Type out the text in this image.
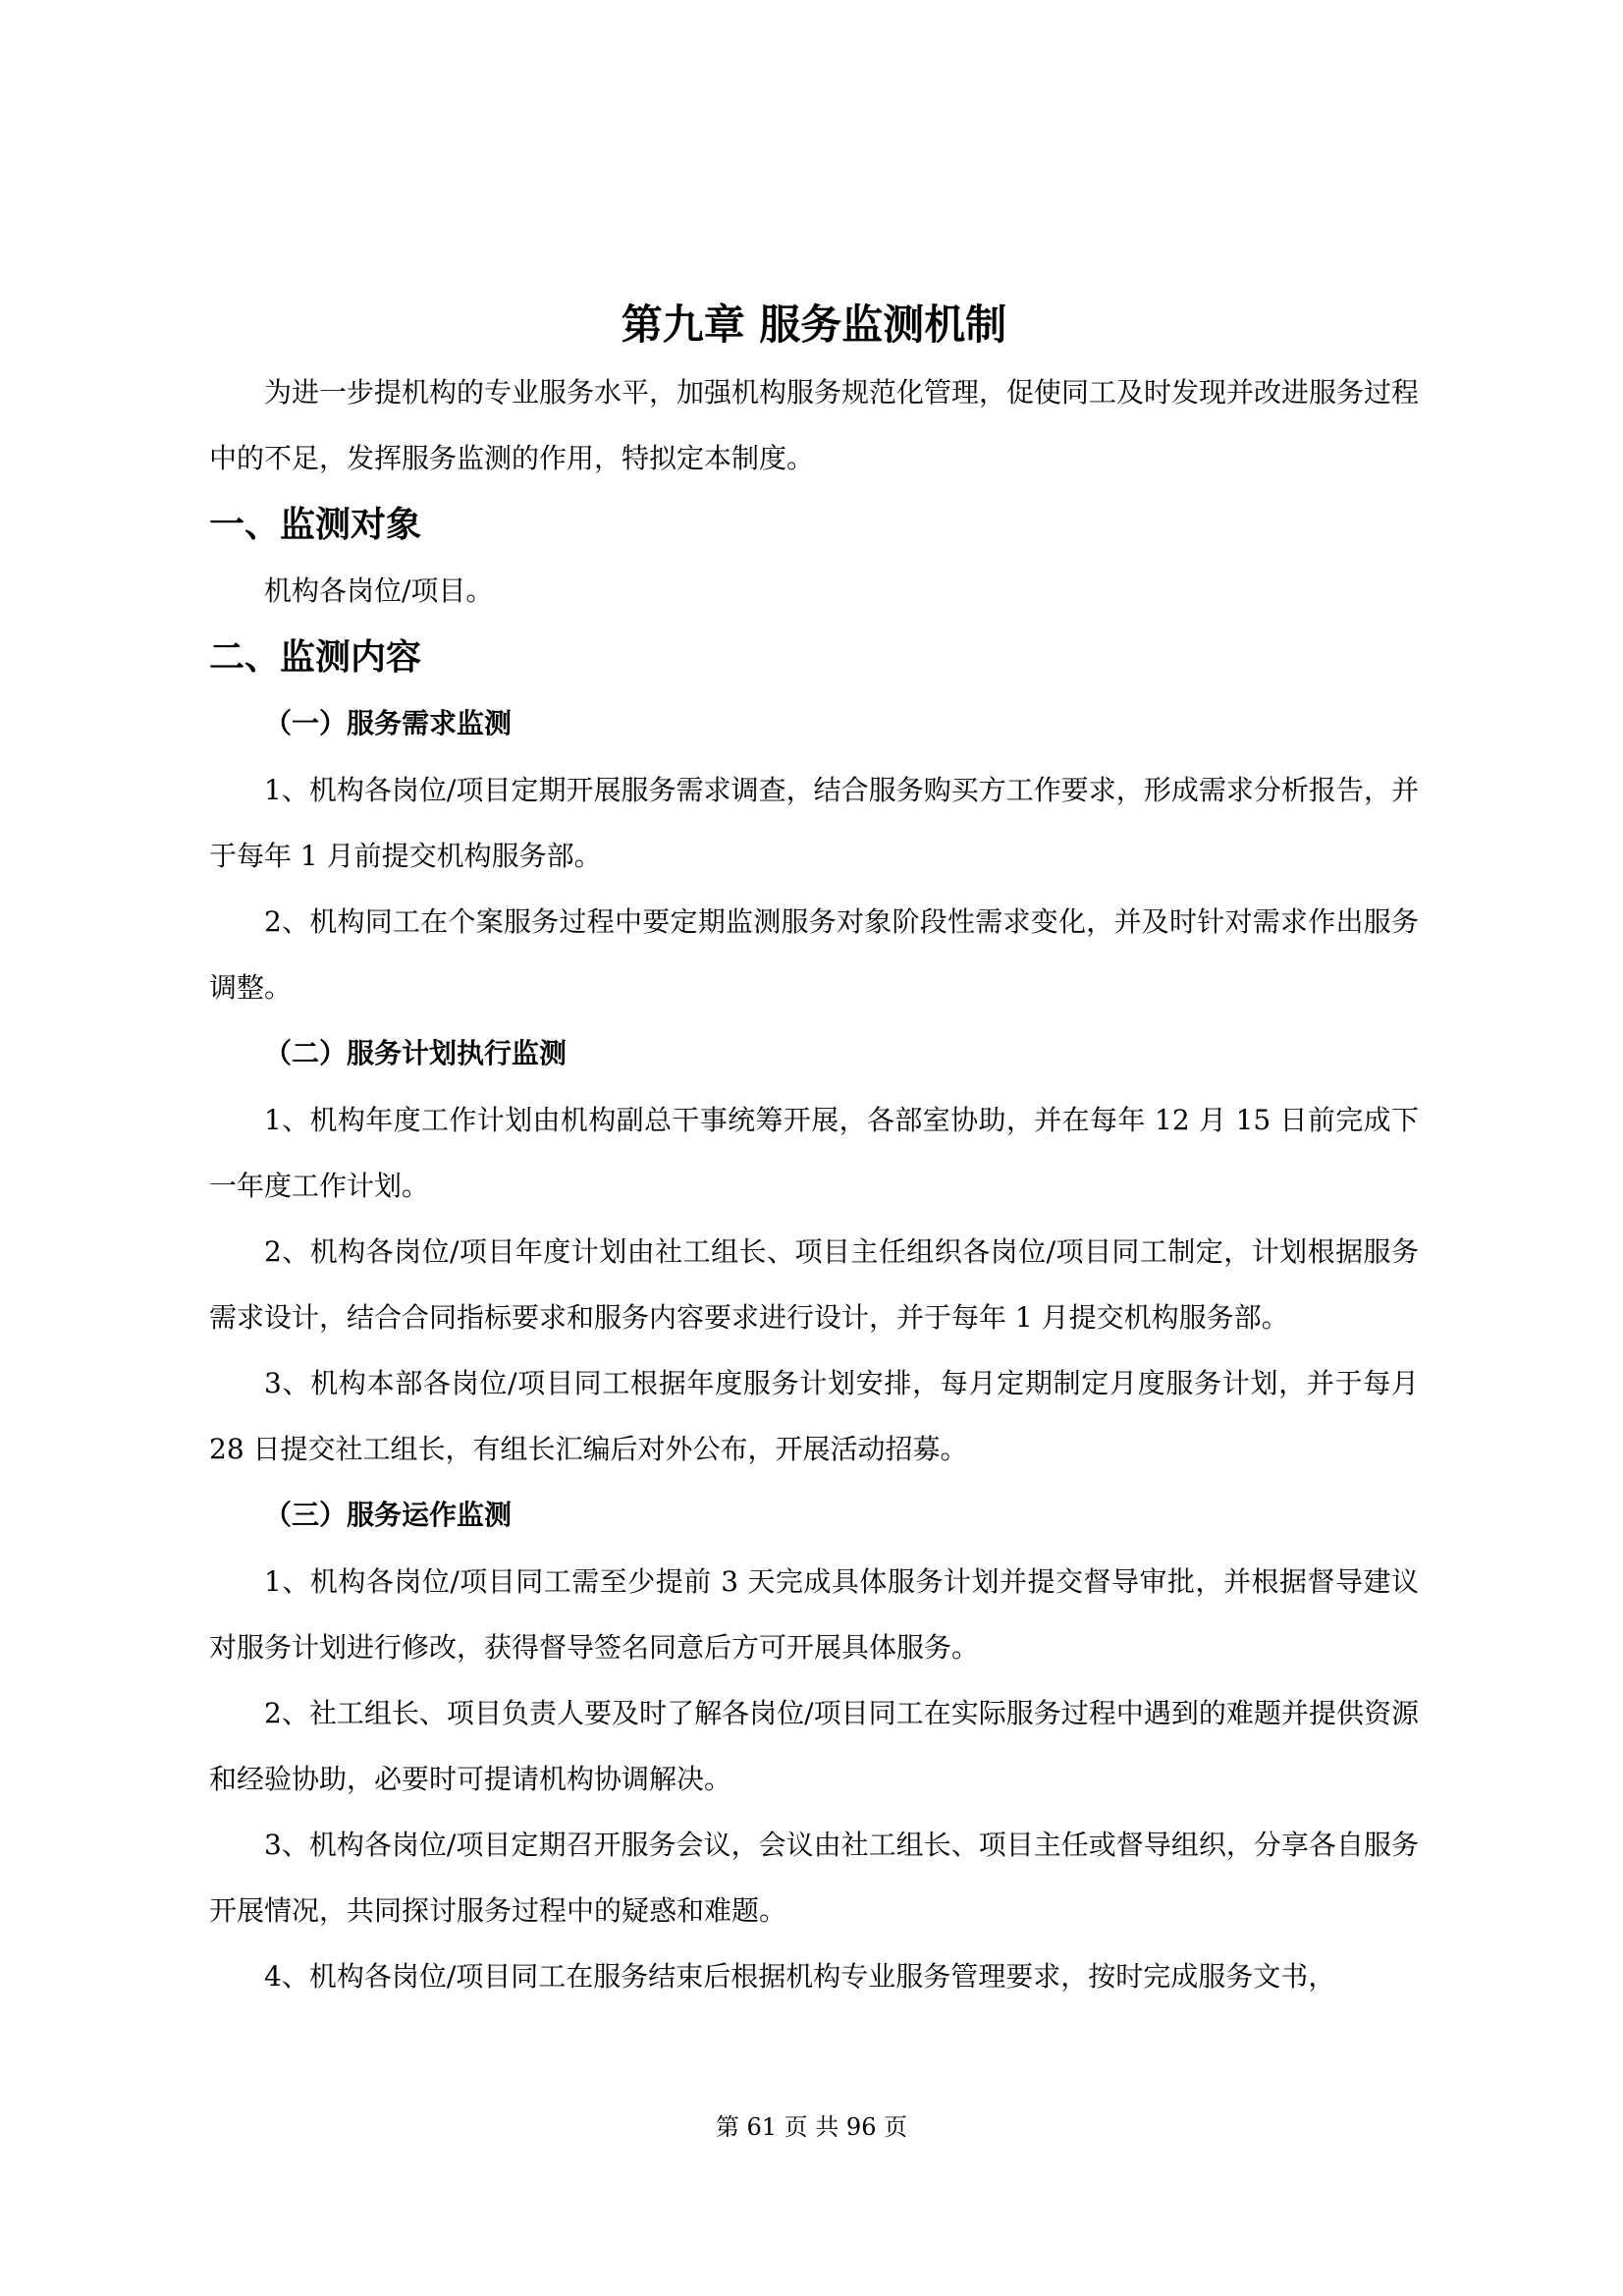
第九章 服务监测机制

为进一步提机构的专业服务水平，加强机构服务规范化管理，促使同工及时发现并改进服务过程中的不足，发挥服务监测的作用，特拟定本制度。

一、监测对象

机构各岗位/项目。

二、监测内容

（一）服务需求监测

1、机构各岗位/项目定期开展服务需求调查，结合服务购买方工作要求，形成需求分析报告，并于每年 1 月前提交机构服务部。

2、机构同工在个案服务过程中要定期监测服务对象阶段性需求变化，并及时针对需求作出服务调整。

（二）服务计划执行监测

1、机构年度工作计划由机构副总干事统筹开展，各部室协助，并在每年 12 月 15 日前完成下一年度工作计划。

2、机构各岗位/项目年度计划由社工组长、项目主任组织各岗位/项目同工制定，计划根据服务需求设计，结合合同指标要求和服务内容要求进行设计，并于每年 1 月提交机构服务部。

3、机构本部各岗位/项目同工根据年度服务计划安排，每月定期制定月度服务计划，并于每月 28 日提交社工组长，有组长汇编后对外公布，开展活动招募。

（三）服务运作监测

1、机构各岗位/项目同工需至少提前 3 天完成具体服务计划并提交督导审批，并根据督导建议对服务计划进行修改，获得督导签名同意后方可开展具体服务。

2、社工组长、项目负责人要及时了解各岗位/项目同工在实际服务过程中遇到的难题并提供资源和经验协助，必要时可提请机构协调解决。

3、机构各岗位/项目定期召开服务会议，会议由社工组长、项目主任或督导组织，分享各自服务开展情况，共同探讨服务过程中的疑惑和难题。

4、机构各岗位/项目同工在服务结束后根据机构专业服务管理要求，按时完成服务文书，

第 61 页 共 96 页
